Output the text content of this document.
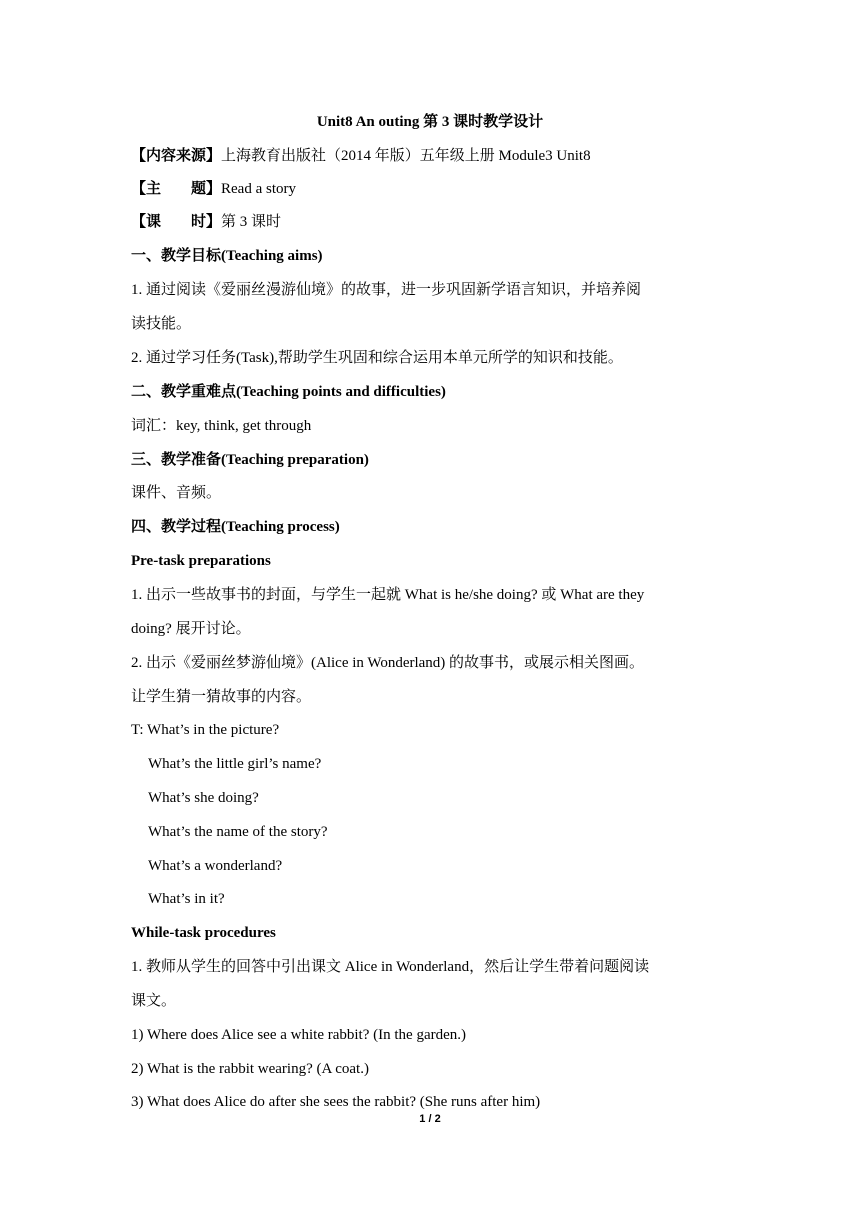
Unit8 An outing 第 3 课时教学设计
【内容来源】上海教育出版社（2014 年版）五年级上册 Module3 Unit8
【主　　题】Read a story
【课　　时】第 3 课时
一、教学目标(Teaching aims)
1. 通过阅读《爱丽丝漫游仙境》的故事，进一步巩固新学语言知识，并培养阅
读技能。
2. 通过学习任务(Task),帮助学生巩固和综合运用本单元所学的知识和技能。
二、教学重难点(Teaching points and difficulties)
词汇：key, think, get through
三、教学准备(Teaching preparation)
课件、音频。
四、教学过程(Teaching process)
Pre-task preparations
1. 出示一些故事书的封面，与学生一起就 What is he/she doing? 或 What are they
doing? 展开讨论。
2. 出示《爱丽丝梦游仙境》(Alice in Wonderland) 的故事书，或展示相关图画。
让学生猜一猜故事的内容。
T: What’s in the picture?
What’s the little girl’s name?
What’s she doing?
What’s the name of the story?
What’s a wonderland?
What’s in it?
While-task procedures
1. 教师从学生的回答中引出课文 Alice in Wonderland，然后让学生带着问题阅读
课文。
1) Where does Alice see a white rabbit? (In the garden.)
2) What is the rabbit wearing? (A coat.)
3) What does Alice do after she sees the rabbit? (She runs after him)
1 / 2
